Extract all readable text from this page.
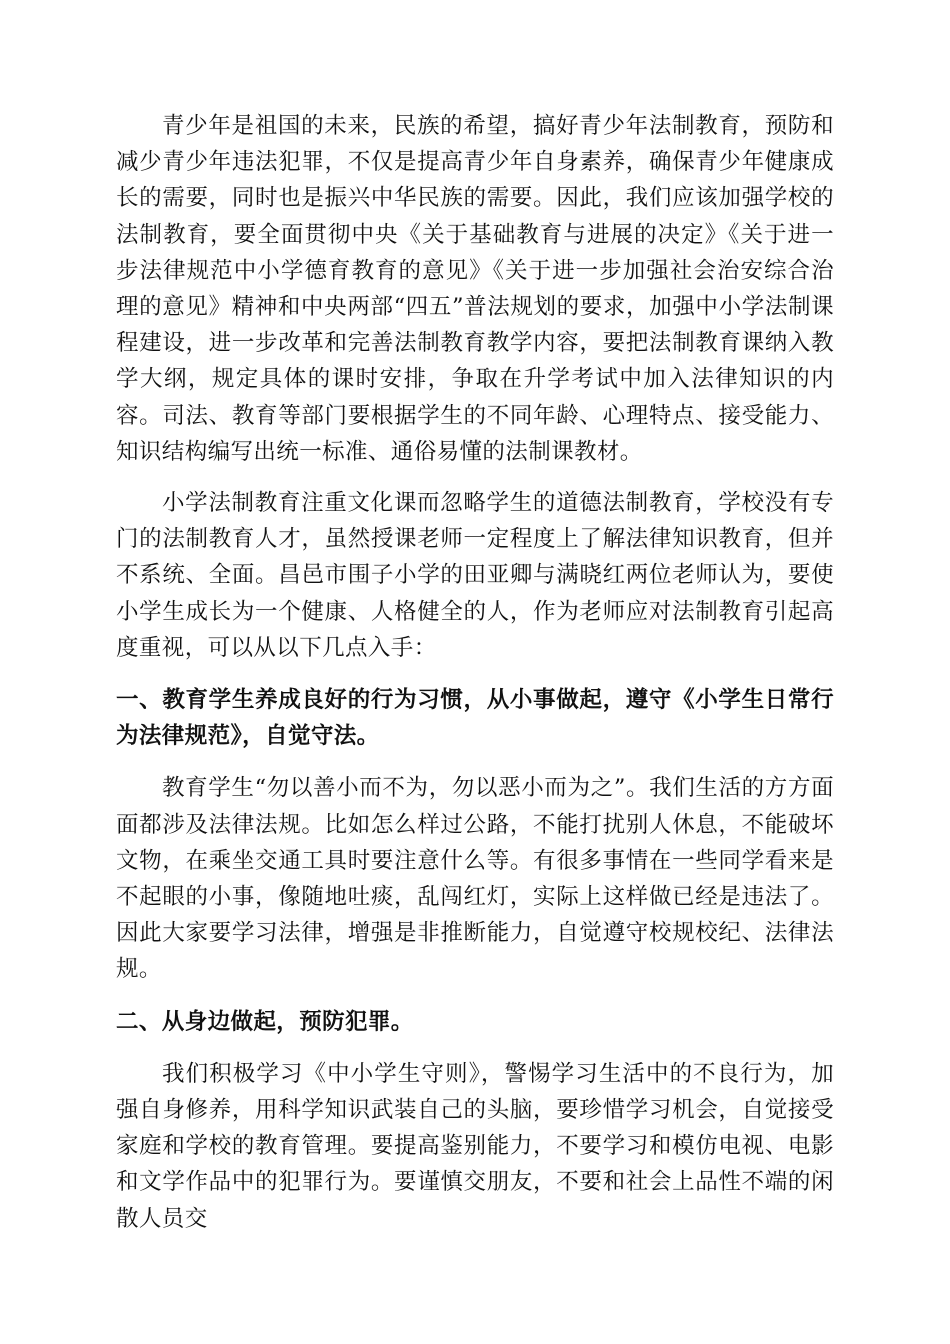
青少年是祖国的未来，民族的希望，搞好青少年法制教育，预防和减少青少年违法犯罪，不仅是提高青少年自身素养，确保青少年健康成长的需要，同时也是振兴中华民族的需要。因此，我们应该加强学校的法制教育，要全面贯彻中央《关于基础教育与进展的决定》《关于进一步法律规范中小学德育教育的意见》《关于进一步加强社会治安综合治理的意见》精神和中央两部“四五”普法规划的要求，加强中小学法制课程建设，进一步改革和完善法制教育教学内容，要把法制教育课纳入教学大纲，规定具体的课时安排，争取在升学考试中加入法律知识的内容。司法、教育等部门要根据学生的不同年龄、心理特点、接受能力、知识结构编写出统一标准、通俗易懂的法制课教材。

小学法制教育注重文化课而忽略学生的道德法制教育，学校没有专门的法制教育人才，虽然授课老师一定程度上了解法律知识教育，但并不系统、全面。昌邑市围子小学的田亚卿与满晓红两位老师认为，要使小学生成长为一个健康、人格健全的人，作为老师应对法制教育引起高度重视，可以从以下几点入手：

一、教育学生养成良好的行为习惯，从小事做起，遵守《小学生日常行为法律规范》，自觉守法。

教育学生“勿以善小而不为，勿以恶小而为之”。我们生活的方方面面都涉及法律法规。比如怎么样过公路，不能打扰别人休息，不能破坏文物，在乘坐交通工具时要注意什么等。有很多事情在一些同学看来是不起眼的小事，像随地吐痰，乱闯红灯，实际上这样做已经是违法了。因此大家要学习法律，增强是非推断能力，自觉遵守校规校纪、法律法规。

二、从身边做起，预防犯罪。

我们积极学习《中小学生守则》，警惕学习生活中的不良行为，加强自身修养，用科学知识武装自己的头脑，要珍惜学习机会，自觉接受家庭和学校的教育管理。要提高鉴别能力，不要学习和模仿电视、电影和文学作品中的犯罪行为。要谨慎交朋友，不要和社会上品性不端的闲散人员交
